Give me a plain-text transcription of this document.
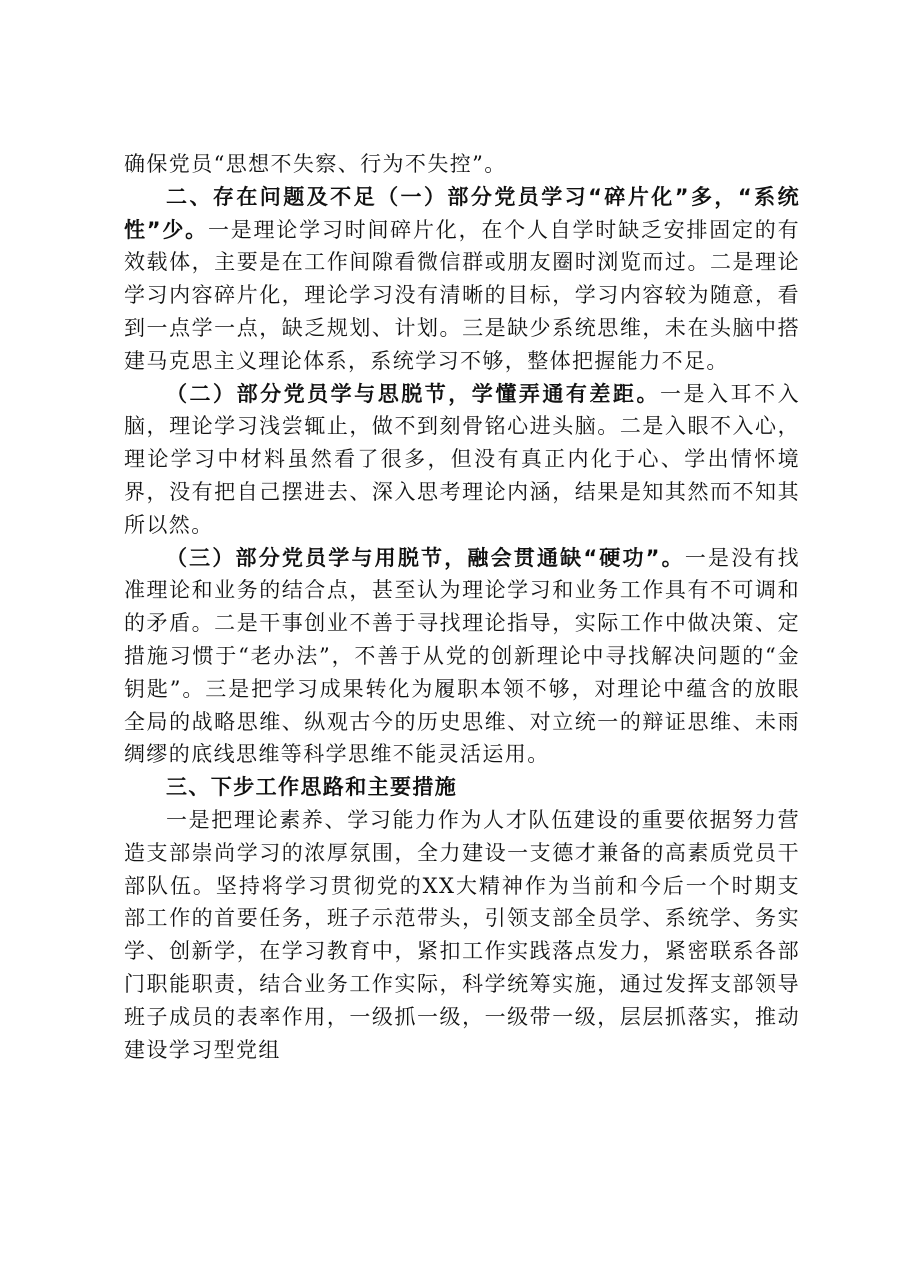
确保党员“思想不失察、行为不失控”。

二、存在问题及不足（一）部分党员学习“碎片化”多，“系统性”少。一是理论学习时间碎片化，在个人自学时缺乏安排固定的有效载体，主要是在工作间隙看微信群或朋友圈时浏览而过。二是理论学习内容碎片化，理论学习没有清晰的目标，学习内容较为随意，看到一点学一点，缺乏规划、计划。三是缺少系统思维，未在头脑中搭建马克思主义理论体系，系统学习不够，整体把握能力不足。

（二）部分党员学与思脱节，学懂弄通有差距。一是入耳不入脑，理论学习浅尝辄止，做不到刻骨铭心进头脑。二是入眼不入心，理论学习中材料虽然看了很多，但没有真正内化于心、学出情怀境界，没有把自己摆进去、深入思考理论内涵，结果是知其然而不知其所以然。

（三）部分党员学与用脱节，融会贯通缺“硬功”。一是没有找准理论和业务的结合点，甚至认为理论学习和业务工作具有不可调和的矛盾。二是干事创业不善于寻找理论指导，实际工作中做决策、定措施习惯于“老办法”，不善于从党的创新理论中寻找解决问题的“金钥匙”。三是把学习成果转化为履职本领不够，对理论中蕴含的放眼全局的战略思维、纵观古今的历史思维、对立统一的辩证思维、未雨绸缪的底线思维等科学思维不能灵活运用。

三、下步工作思路和主要措施

一是把理论素养、学习能力作为人才队伍建设的重要依据努力营造支部崇尚学习的浓厚氛围，全力建设一支德才兼备的高素质党员干部队伍。坚持将学习贯彻党的XX大精神作为当前和今后一个时期支部工作的首要任务，班子示范带头，引领支部全员学、系统学、务实学、创新学，在学习教育中，紧扣工作实践落点发力，紧密联系各部门职能职责，结合业务工作实际，科学统筹实施，通过发挥支部领导班子成员的表率作用，一级抓一级，一级带一级，层层抓落实，推动建设学习型党组
